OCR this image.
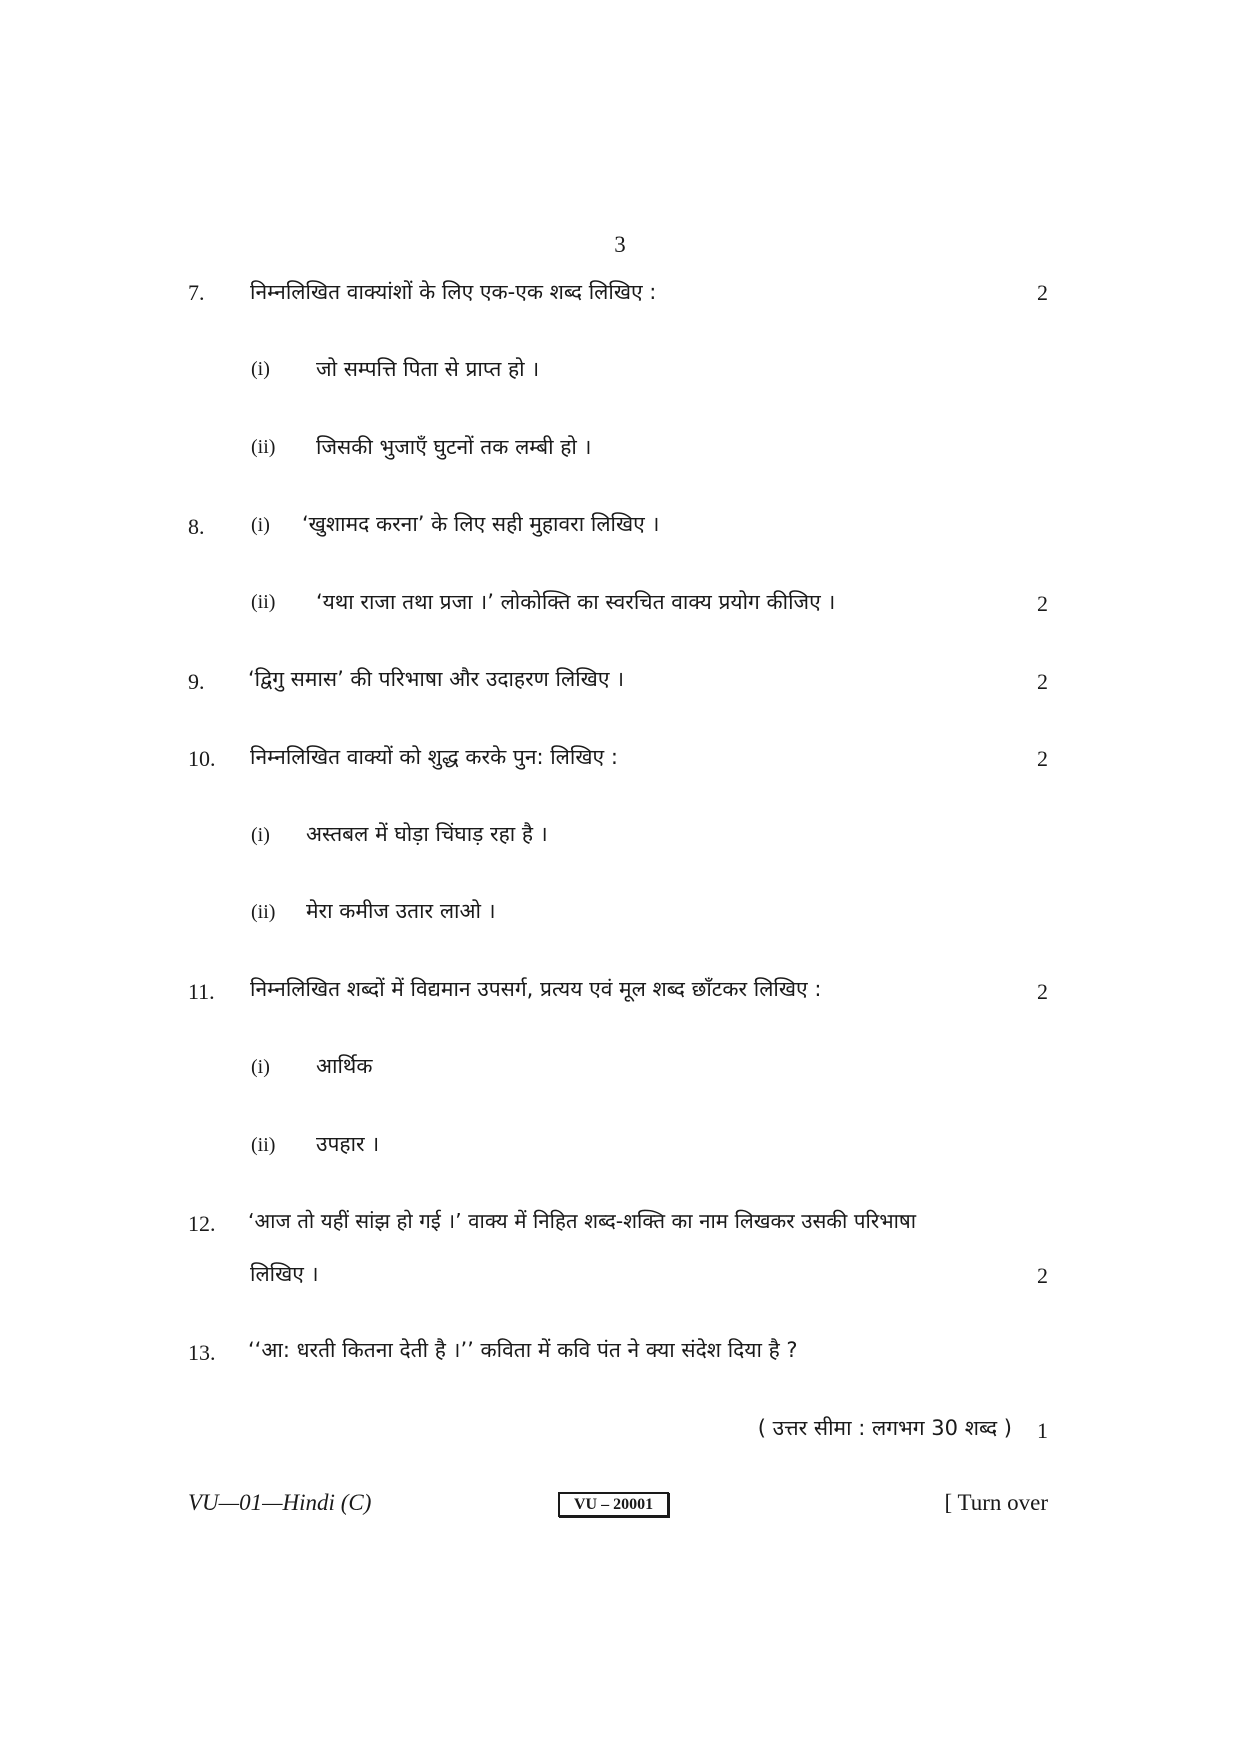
3
7. निम्नलिखित वाक्यांशों के लिए एक-एक शब्द लिखिए :	2
(i) जो सम्पत्ति पिता से प्राप्त हो ।
(ii) जिसकी भुजाएँ घुटनों तक लम्बी हो ।
8. (i) ‘खुशामद करना’ के लिए सही मुहावरा लिखिए ।
(ii) ‘यथा राजा तथा प्रजा ।’ लोकोक्ति का स्वरचित वाक्य प्रयोग कीजिए ।	2
9. ‘द्विगु समास’ की परिभाषा और उदाहरण लिखिए ।	2
10. निम्नलिखित वाक्यों को शुद्ध करके पुन: लिखिए :	2
(i) अस्तबल में घोड़ा चिंघाड़ रहा है ।
(ii) मेरा कमीज उतार लाओ ।
11. निम्नलिखित शब्दों में विद्यमान उपसर्ग, प्रत्यय एवं मूल शब्द छाँटकर लिखिए :	2
(i) आर्थिक
(ii) उपहार ।
12. ‘आज तो यहीं सांझ हो गई ।’ वाक्य में निहित शब्द-शक्ति का नाम लिखकर उसकी परिभाषा
लिखिए ।	2
13. ‘‘आ: धरती कितना देती है ।’’ कविता में कवि पंत ने क्या संदेश दिया है ?
( उत्तर सीमा : लगभग 30 शब्द ) 1
VU—01—Hindi (C)	VU – 20001	[ Turn over
